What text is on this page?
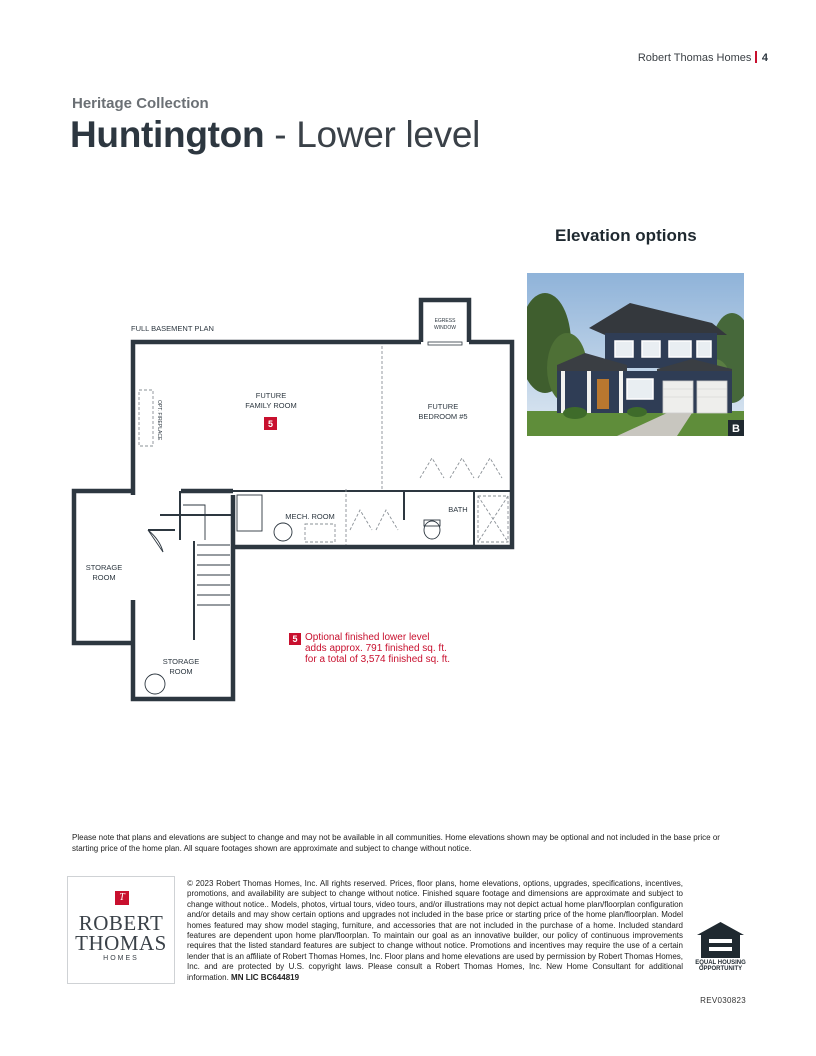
Robert Thomas Homes 4
Heritage Collection
Huntington - Lower level
Elevation options
B
FULL BASEMENT PLAN
EGRESS
WINDOW
OPT. FIREPLACE
FUTURE
FAMILY ROOM
5
FUTURE
BEDROOM #5
MECH. ROOM
BATH
STORAGE
ROOM
STORAGE
ROOM
5 Optional finished lower level
adds approx. 791 finished sq. ft.
for a total of 3,574 finished sq. ft.
Please note that plans and elevations are subject to change and may not be available in all communities. Home elevations shown may be optional and not included in the base price or starting price of the home plan. All square footages shown are approximate and subject to change without notice.
T
ROBERT
THOMAS
HOMES
© 2023 Robert Thomas Homes, Inc. All rights reserved. Prices, floor plans, home elevations, options, upgrades, specifications, incentives, promotions, and availability are subject to change without notice. Finished square footage and dimensions are approximate and subject to change without notice.. Models, photos, virtual tours, video tours, and/or illustrations may not depict actual home plan/floorplan configuration and/or details and may show certain options and upgrades not included in the base price or starting price of the home plan/floorplan. Model homes featured may show model staging, furniture, and accessories that are not included in the purchase of a home. Included standard features are dependent upon home plan/floorplan. To maintain our goal as an innovative builder, our policy of continuous improvements requires that the listed standard features are subject to change without notice. Promotions and incentives may require the use of a certain lender that is an affiliate of Robert Thomas Homes, Inc. Floor plans and home elevations are used by permission by Robert Thomas Homes, Inc. and are protected by U.S. copyright laws. Please consult a Robert Thomas Homes, Inc. New Home Consultant for additional information. MN LIC BC644819
EQUAL HOUSING
OPPORTUNITY
REV030823
